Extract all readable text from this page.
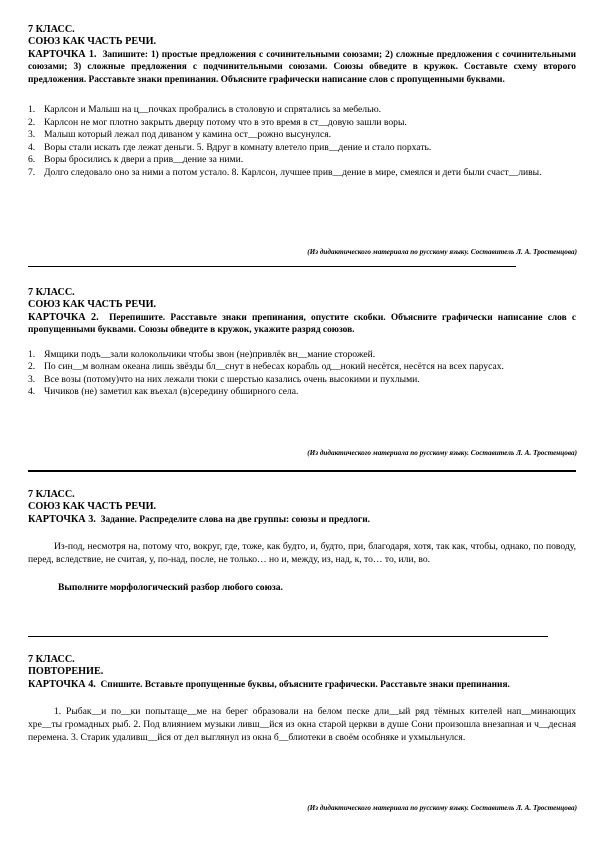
7 КЛАСС.

СОЮЗ КАК ЧАСТЬ РЕЧИ.

КАРТОЧКА 1. Запишите: 1) простые предложения с сочинительными союзами; 2) сложные предложения с сочинительными союзами; 3) сложные предложения с подчинительными союзами. Союзы обведите в кружок. Составьте схему второго предложения. Расставьте знаки препинания. Объясните графически написание слов с пропущенными буквами.

1. Карлсон и Малыш на ц__почках пробрались в столовую и спрятались за мебелью.
2. Карлсон не мог плотно закрыть дверцу потому что в это время в ст__довую зашли воры.
3. Малыш который лежал под диваном у камина ост__рожно высунулся.
4. Воры стали искать где лежат деньги. 5. Вдруг в комнату влетело прив__дение и стало порхать.
6. Воры бросились к двери а прив__дение за ними.
7. Долго следовало оно за ними а потом устало. 8. Карлсон, лучшее прив__дение в мире, смеялся и дети были счаст__ливы.
(Из дидактического материала по русскому языку. Составитель Л. А. Тростенцова)

7 КЛАСС.

СОЮЗ КАК ЧАСТЬ РЕЧИ.

КАРТОЧКА 2. Перепишите. Расставьте знаки препинания, опустите скобки. Объясните графически написание слов с пропущенными буквами. Союзы обведите в кружок, укажите разряд союзов.

1. Ямщики подъ__зали колокольчики чтобы звон (не)привлёк вн__мание сторожей.
2. По син__м волнам океана лишь звёзды бл__снут в небесах корабль од__нокий несётся, несётся на всех парусах.
3. Все возы (потому)что на них лежали тюки с шерстью казались очень высокими и пухлыми.
4. Чичиков (не) заметил как въехал (в)середину обширного села.
(Из дидактического материала по русскому языку. Составитель Л. А. Тростенцова)

7 КЛАСС.

СОЮЗ КАК ЧАСТЬ РЕЧИ.

КАРТОЧКА 3. Задание. Распределите слова на две группы: союзы и предлоги.

Из-под, несмотря на, потому что, вокруг, где, тоже, как будто, и, будто, при, благодаря, хотя, так как, чтобы, однако, по поводу, перед, вследствие, не считая, у, по-над, после, не только… но и, между, из, над, к, то… то, или, во.

Выполните морфологический разбор любого союза.

7 КЛАСС.

ПОВТОРЕНИЕ.

КАРТОЧКА 4. Спишите. Вставьте пропущенные буквы, объясните графически. Расставьте знаки препинания.

1. Рыбак__и по__ки попытаще__ме на берег образовали на белом песке дли__ый ряд тёмных кителей нап__минающих хре__ты громадных рыб. 2. Под влиянием музыки ливш__йся из окна старой церкви в душе Сони произошла внезапная и ч__десная перемена. 3. Старик удаливш__йся от дел выглянул из окна б__блиотеки в своём особняке и ухмыльнулся.

(Из дидактического материала по русскому языку. Составитель Л. А. Тростенцова)
